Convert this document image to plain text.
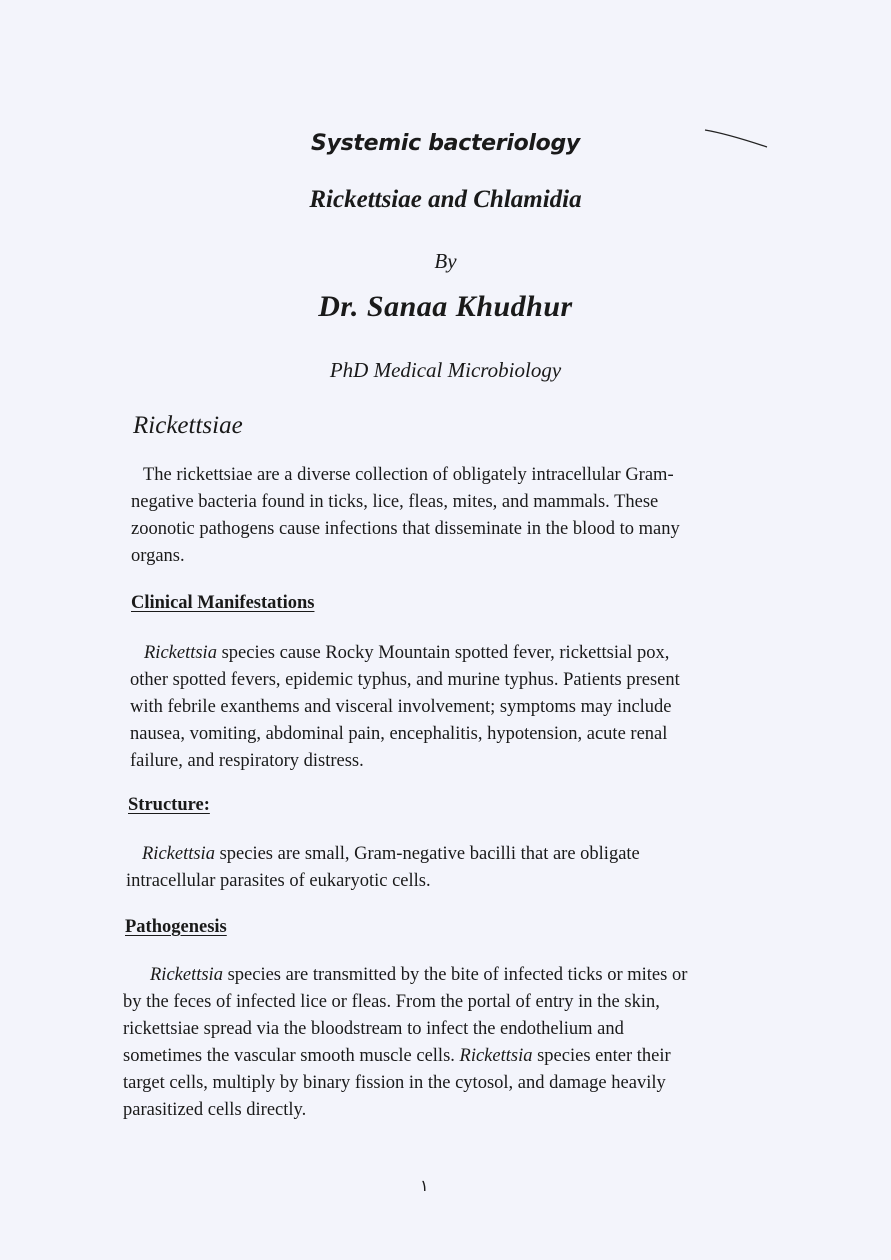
Systemic bacteriology
Rickettsiae and Chlamidia
By
Dr. Sanaa Khudhur
PhD Medical Microbiology
Rickettsiae
The rickettsiae are a diverse collection of obligately intracellular Gram-
negative bacteria found in ticks, lice, fleas, mites, and mammals. These
zoonotic pathogens cause infections that disseminate in the blood to many
organs.
Clinical Manifestations
Rickettsia species cause Rocky Mountain spotted fever, rickettsial pox,
other spotted fevers, epidemic typhus, and murine typhus. Patients present
with febrile exanthems and visceral involvement; symptoms may include
nausea, vomiting, abdominal pain, encephalitis, hypotension, acute renal
failure, and respiratory distress.
Structure:
Rickettsia species are small, Gram-negative bacilli that are obligate
intracellular parasites of eukaryotic cells.
Pathogenesis
Rickettsia species are transmitted by the bite of infected ticks or mites or
by the feces of infected lice or fleas. From the portal of entry in the skin,
rickettsiae spread via the bloodstream to infect the endothelium and
sometimes the vascular smooth muscle cells. Rickettsia species enter their
target cells, multiply by binary fission in the cytosol, and damage heavily
parasitized cells directly.
١
